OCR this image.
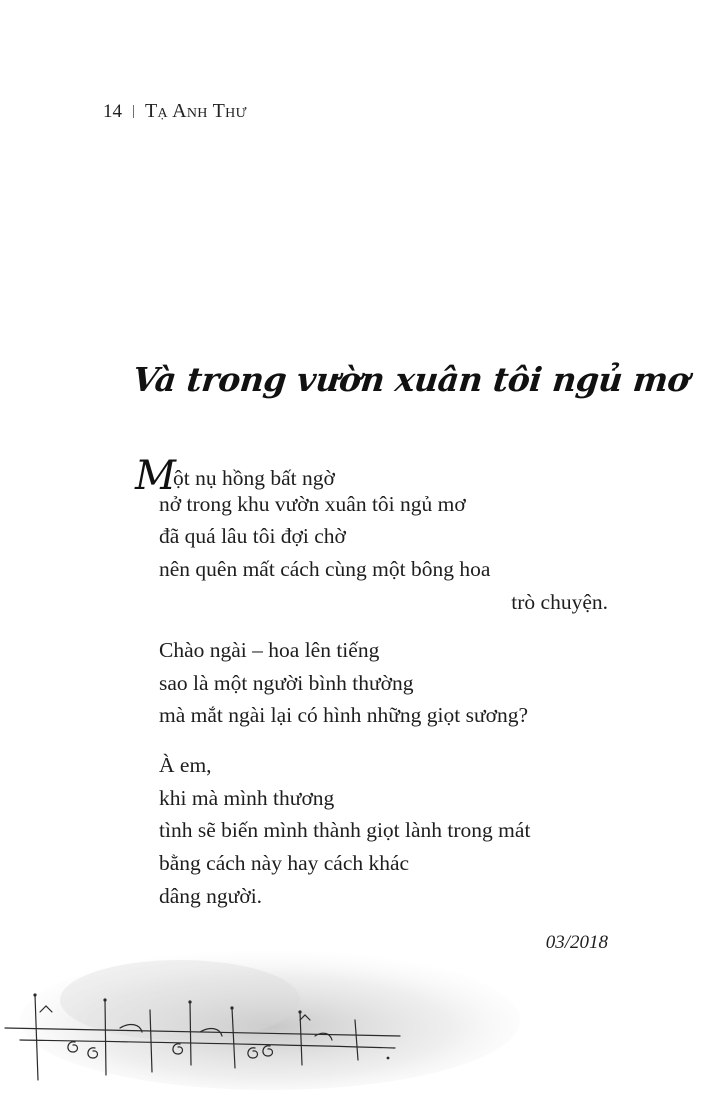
14 | Tạ Anh Thư
Và trong vườn xuân tôi ngủ mơ
Một nụ hồng bất ngờ
nở trong khu vườn xuân tôi ngủ mơ
đã quá lâu tôi đợi chờ
nên quên mất cách cùng một bông hoa
trò chuyện.
Chào ngài – hoa lên tiếng
sao là một người bình thường
mà mắt ngài lại có hình những giọt sương?
À em,
khi mà mình thương
tình sẽ biến mình thành giọt lành trong mát
bằng cách này hay cách khác
dâng người.
03/2018
